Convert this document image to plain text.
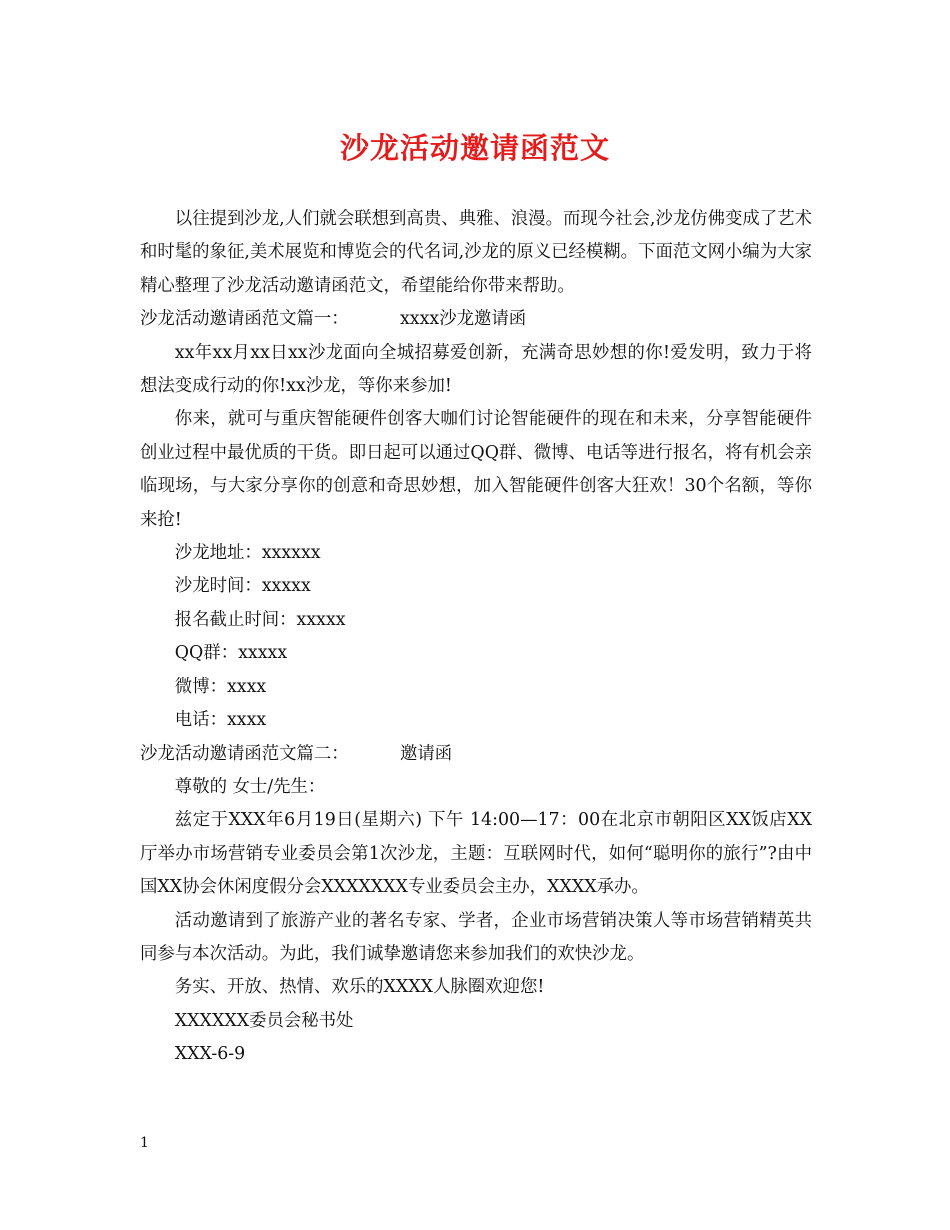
沙龙活动邀请函范文

以往提到沙龙,人们就会联想到高贵、典雅、浪漫。而现今社会,沙龙仿佛变成了艺术和时髦的象征,美术展览和博览会的代名词,沙龙的原义已经模糊。下面范文网小编为大家精心整理了沙龙活动邀请函范文，希望能给你带来帮助。

沙龙活动邀请函范文篇一：	xxxx沙龙邀请函

xx年xx月xx日xx沙龙面向全城招募爱创新，充满奇思妙想的你!爱发明，致力于将想法变成行动的你!xx沙龙，等你来参加!

你来，就可与重庆智能硬件创客大咖们讨论智能硬件的现在和未来，分享智能硬件创业过程中最优质的干货。即日起可以通过QQ群、微博、电话等进行报名，将有机会亲临现场，与大家分享你的创意和奇思妙想，加入智能硬件创客大狂欢！30个名额，等你来抢!

沙龙地址：xxxxxx

沙龙时间：xxxxx

报名截止时间：xxxxx

QQ群：xxxxx

微博：xxxx

电话：xxxx

沙龙活动邀请函范文篇二：	邀请函

尊敬的 女士/先生：

兹定于XXX年6月19日(星期六) 下午 14:00—17：00在北京市朝阳区XX饭店XX厅举办市场营销专业委员会第1次沙龙，主题：互联网时代，如何“聪明你的旅行”?由中国XX协会休闲度假分会XXXXXXX专业委员会主办，XXXX承办。

活动邀请到了旅游产业的著名专家、学者，企业市场营销决策人等市场营销精英共同参与本次活动。为此，我们诚挚邀请您来参加我们的欢快沙龙。

务实、开放、热情、欢乐的XXXX人脉圈欢迎您!

XXXXXX委员会秘书处

XXX-6-9

1
